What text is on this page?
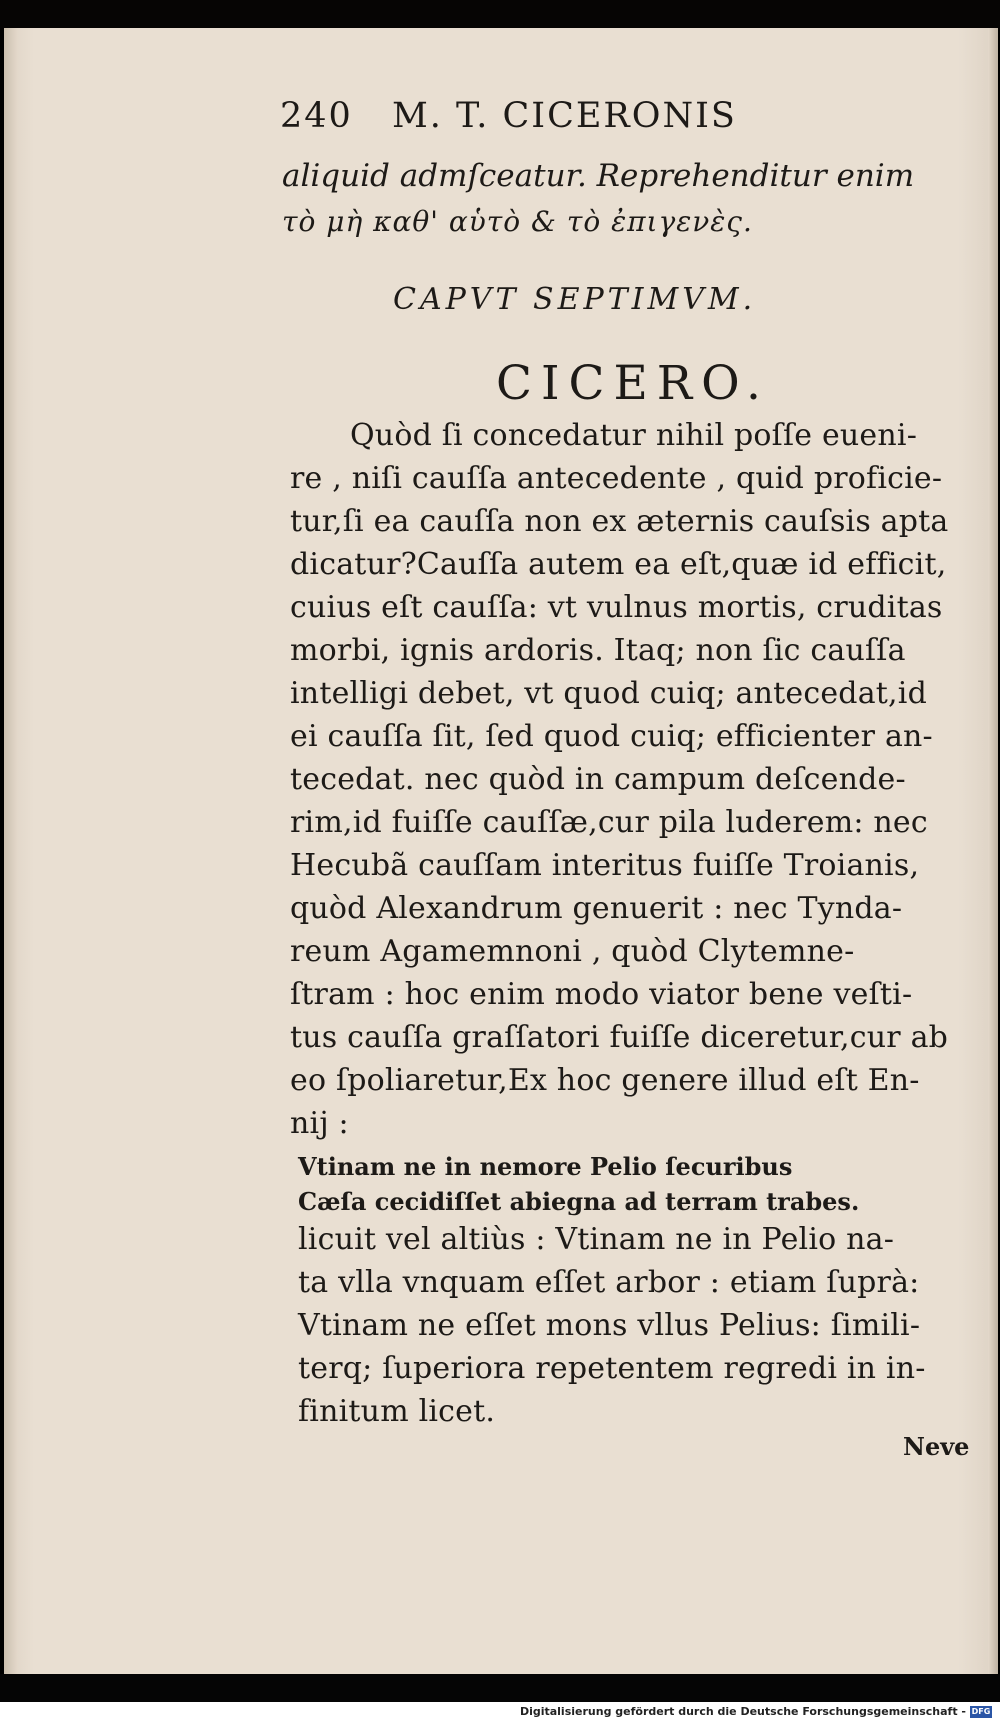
240 M. T. CICERONIS
aliquid admſceatur. Reprehenditur enim
τὸ μὴ καθ' αὑτὸ & τὸ ἐπιγενὲς.
CAPVT SEPTIMVM.
CICERO.
Quòd ſi concedatur nihil poſſe eueni-
re , niſi cauſſa antecedente , quid proficie-
tur,ſi ea cauſſa non ex æternis cauſsis apta
dicatur?Cauſſa autem ea eſt,quæ id efficit,
cuius eſt cauſſa: vt vulnus mortis, cruditas
morbi, ignis ardoris. Itaq; non ſic cauſſa
intelligi debet, vt quod cuiq; antecedat,id
ei cauſſa ſit, ſed quod cuiq; efficienter an-
tecedat. nec quòd in campum deſcende-
rim,id fuiſſe cauſſæ,cur pila luderem: nec
Hecubã cauſſam interitus fuiſſe Troianis,
quòd Alexandrum genuerit : nec Tynda-
reum Agamemnoni , quòd Clytemne-
ſtram : hoc enim modo viator bene veſti-
tus cauſſa graſſatori fuiſſe diceretur,cur ab
eo ſpoliaretur,Ex hoc genere illud eſt En-
nij :
Vtinam ne in nemore Pelio ſecuribus
Cæſa cecidiſſet abiegna ad terram trabes.
licuit vel altiùs : Vtinam ne in Pelio na-
ta vlla vnquam eſſet arbor : etiam ſuprà:
Vtinam ne eſſet mons vllus Pelius: ſimili-
terq; ſuperiora repetentem regredi in in-
finitum licet.
Neve
Digitalisierung gefördert durch die Deutsche Forschungsgemeinschaft - DFG
